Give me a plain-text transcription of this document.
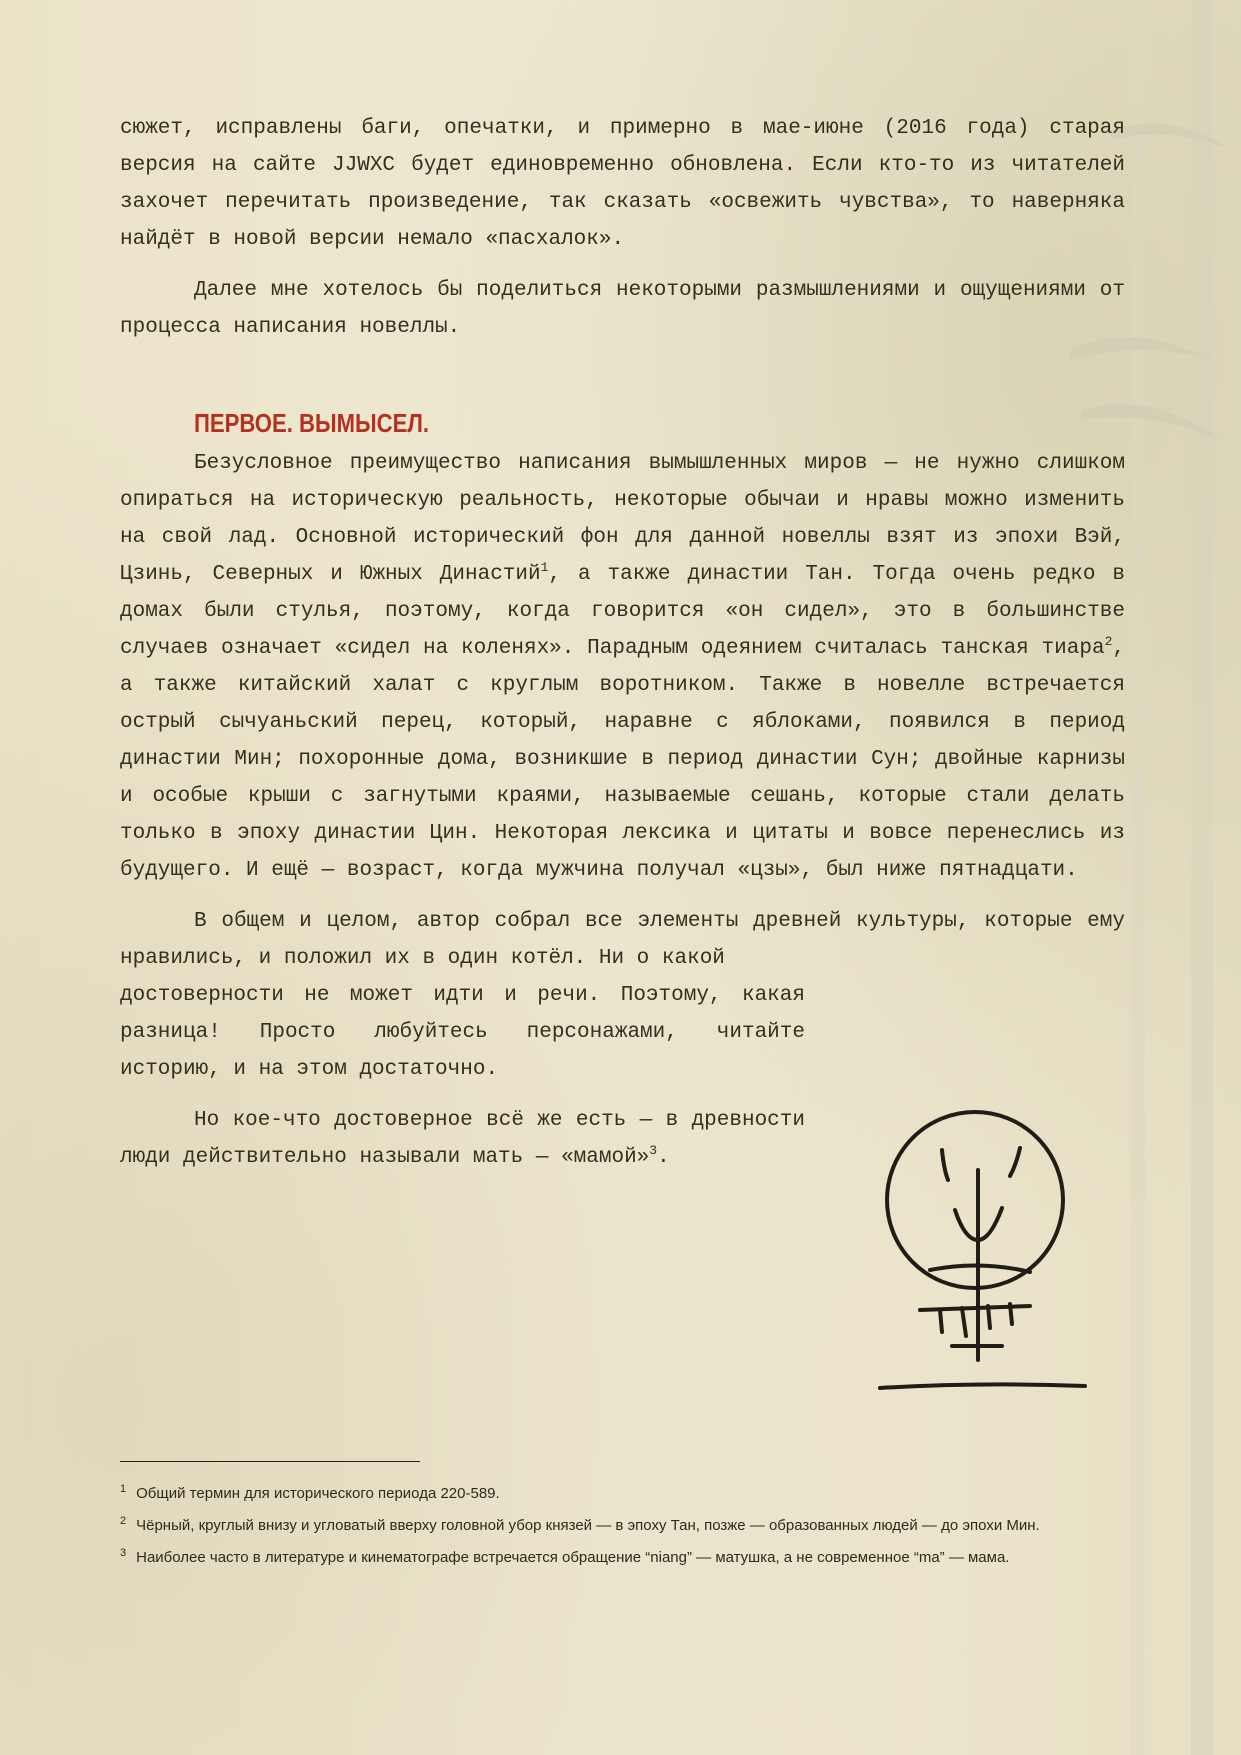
сюжет, исправлены баги, опечатки, и примерно в мае-июне (2016 года) старая версия на сайте JJWXC будет единовременно обновлена. Если кто-то из читателей захочет перечитать произведение, так сказать «освежить чувства», то наверняка найдёт в новой версии немало «пасхалок».

Далее мне хотелось бы поделиться некоторыми размышлениями и ощущениями от процесса написания новеллы.

ПЕРВОЕ. ВЫМЫСЕЛ.

Безусловное преимущество написания вымышленных миров — не нужно слишком опираться на историческую реальность, некоторые обычаи и нравы можно изменить на свой лад. Основной исторический фон для данной новеллы взят из эпохи Вэй, Цзинь, Северных и Южных Династий$^1$, а также династии Тан. Тогда очень редко в домах были стулья, поэтому, когда говорится «он сидел», это в большинстве случаев означает «сидел на коленях». Парадным одеянием считалась танская тиара$^2$, а также китайский халат с круглым воротником. Также в новелле встречается острый сычуаньский перец, который, наравне с яблоками, появился в период династии Мин; похоронные дома, возникшие в период династии Сун; двойные карнизы и особые крыши с загнутыми краями, называемые сешань, которые стали делать только в эпоху династии Цин. Некоторая лексика и цитаты и вовсе перенеслись из будущего. И ещё — возраст, когда мужчина получал «цзы», был ниже пятнадцати.

В общем и целом, автор собрал все элементы древней культуры, которые ему нравились, и положил их в один котёл. Ни о какой

достоверности не может идти и речи. Поэтому, какая разница! Просто любуйтесь персонажами, читайте историю, и на этом достаточно.

Но кое-что достоверное всё же есть — в древности люди действительно называли мать — «мамой»$^3$.

$^1$ Общий термин для исторического периода 220-589.

$^2$ Чёрный, круглый внизу и угловатый вверху головной убор князей — в эпоху Тан, позже — образованных людей — до эпохи Мин.

$^3$ Наиболее часто в литературе и кинематографе встречается обращение “niang” — матушка, а не современное “ma” — мама.
